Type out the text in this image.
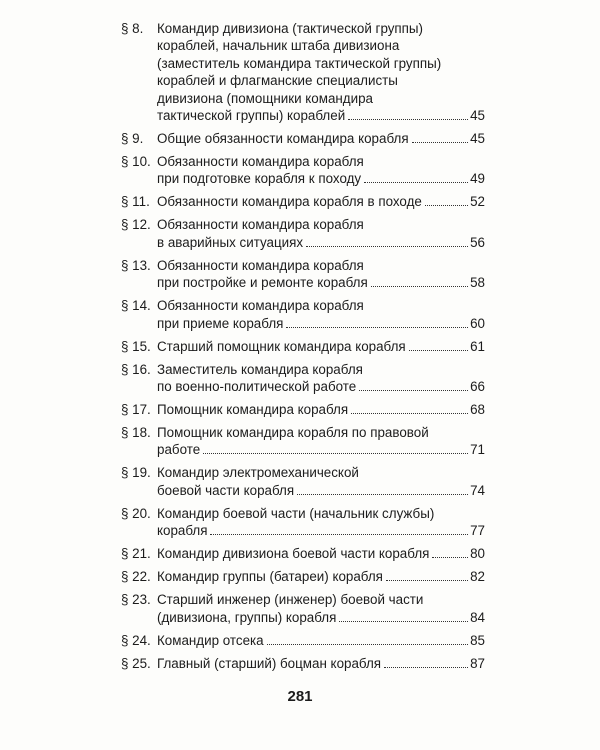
§ 8. Командир дивизиона (тактической группы)
кораблей, начальник штаба дивизиона
(заместитель командира тактической группы)
кораблей и флагманские специалисты
дивизиона (помощники командира
тактической группы) кораблей	45
§ 9. Общие обязанности командира корабля	45
§ 10. Обязанности командира корабля
при подготовке корабля к походу	49
§ 11. Обязанности командира корабля в походе	52
§ 12. Обязанности командира корабля
в аварийных ситуациях	56
§ 13. Обязанности командира корабля
при постройке и ремонте корабля	58
§ 14. Обязанности командира корабля
при приеме корабля	60
§ 15. Старший помощник командира корабля	61
§ 16. Заместитель командира корабля
по военно-политической работе	66
§ 17. Помощник командира корабля	68
§ 18. Помощник командира корабля по правовой
работе	71
§ 19. Командир электромеханической
боевой части корабля	74
§ 20. Командир боевой части (начальник службы)
корабля	77
§ 21. Командир дивизиона боевой части корабля	80
§ 22. Командир группы (батареи) корабля	82
§ 23. Старший инженер (инженер) боевой части
(дивизиона, группы) корабля	84
§ 24. Командир отсека	85
§ 25. Главный (старший) боцман корабля	87
281
